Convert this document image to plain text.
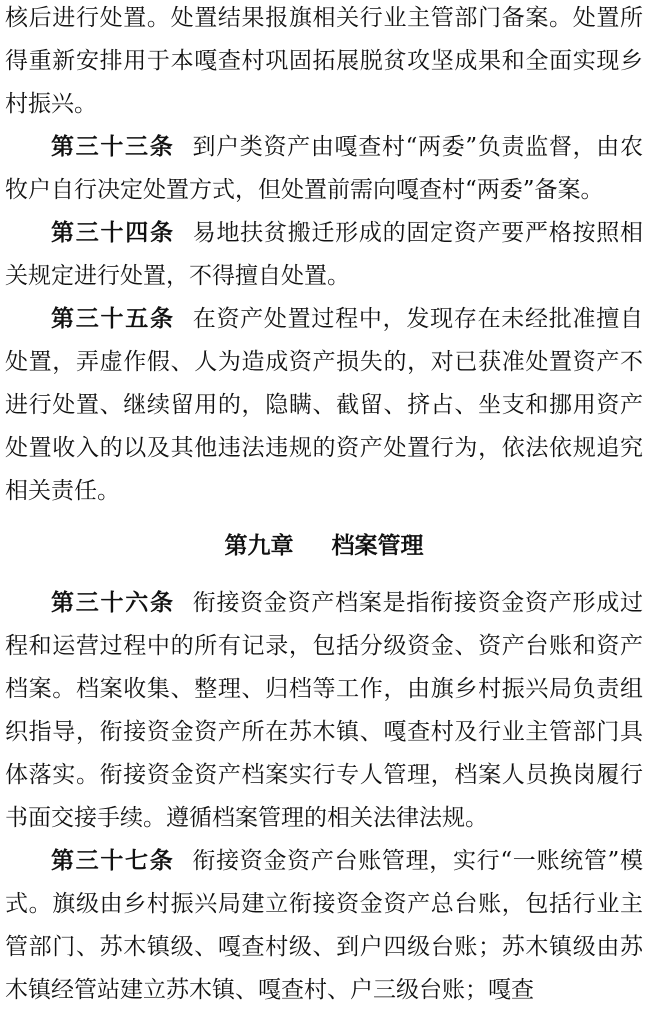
核后进行处置。处置结果报旗相关行业主管部门备案。处置所得重新安排用于本嘎查村巩固拓展脱贫攻坚成果和全面实现乡村振兴。

第三十三条 到户类资产由嘎查村“两委”负责监督，由农牧户自行决定处置方式，但处置前需向嘎查村“两委”备案。

第三十四条 易地扶贫搬迁形成的固定资产要严格按照相关规定进行处置，不得擅自处置。

第三十五条 在资产处置过程中，发现存在未经批准擅自处置，弄虚作假、人为造成资产损失的，对已获准处置资产不进行处置、继续留用的，隐瞒、截留、挤占、坐支和挪用资产处置收入的以及其他违法违规的资产处置行为，依法依规追究相关责任。

第九章 档案管理

第三十六条 衔接资金资产档案是指衔接资金资产形成过程和运营过程中的所有记录，包括分级资金、资产台账和资产档案。档案收集、整理、归档等工作，由旗乡村振兴局负责组织指导，衔接资金资产所在苏木镇、嘎查村及行业主管部门具体落实。衔接资金资产档案实行专人管理，档案人员换岗履行书面交接手续。遵循档案管理的相关法律法规。

第三十七条 衔接资金资产台账管理，实行“一账统管”模式。旗级由乡村振兴局建立衔接资金资产总台账，包括行业主管部门、苏木镇级、嘎查村级、到户四级台账；苏木镇级由苏木镇经管站建立苏木镇、嘎查村、户三级台账；嘎查
